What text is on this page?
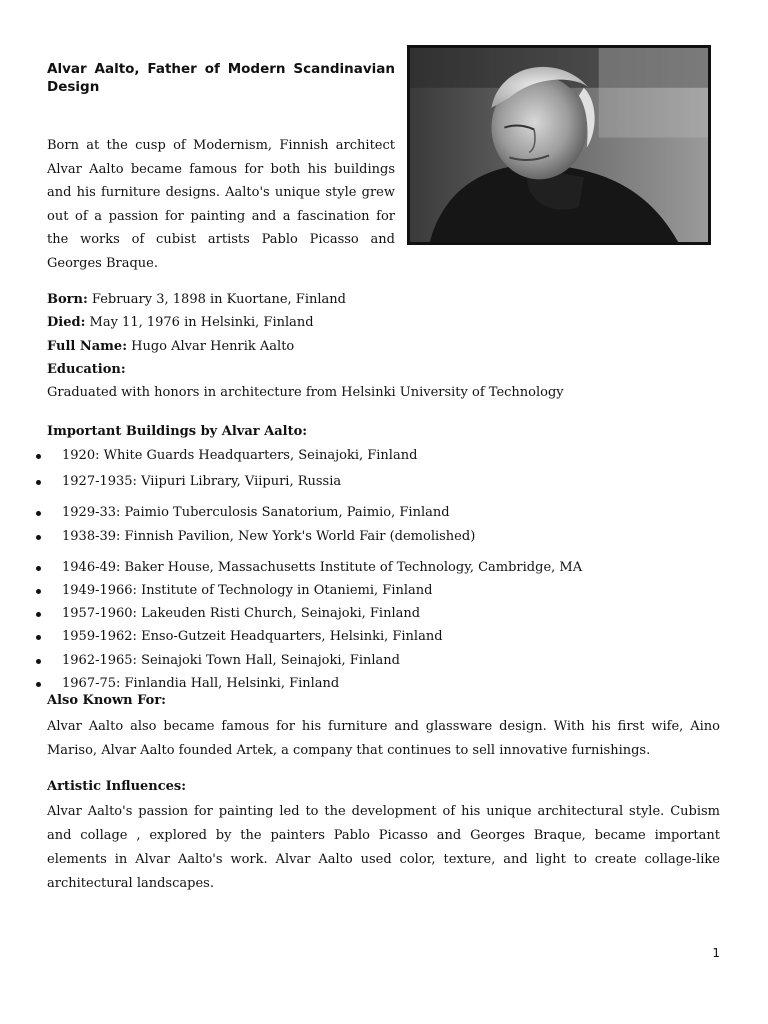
Alvar Aalto, Father of Modern Scandinavian Design

Born at the cusp of Modernism, Finnish architect Alvar Aalto became famous for both his buildings and his furniture designs. Aalto's unique style grew out of a passion for painting and a fascination for the works of cubist artists Pablo Picasso and Georges Braque.

Born: February 3, 1898 in Kuortane, Finland
Died: May 11, 1976 in Helsinki, Finland
Full Name: Hugo Alvar Henrik Aalto
Education:
Graduated with honors in architecture from Helsinki University of Technology
Important Buildings by Alvar Aalto:
1920: White Guards Headquarters, Seinajoki, Finland
1927-1935: Viipuri Library, Viipuri, Russia
1929-33: Paimio Tuberculosis Sanatorium, Paimio, Finland
1938-39: Finnish Pavilion, New York's World Fair (demolished)
1946-49: Baker House, Massachusetts Institute of Technology, Cambridge, MA
1949-1966: Institute of Technology in Otaniemi, Finland
1957-1960: Lakeuden Risti Church, Seinajoki, Finland
1959-1962: Enso-Gutzeit Headquarters, Helsinki, Finland
1962-1965: Seinajoki Town Hall, Seinajoki, Finland
1967-75: Finlandia Hall, Helsinki, Finland
Also Known For:

Alvar Aalto also became famous for his furniture and glassware design. With his first wife, Aino Mariso, Alvar Aalto founded Artek, a company that continues to sell innovative furnishings.

Artistic Influences:

Alvar Aalto's passion for painting led to the development of his unique architectural style. Cubism and collage , explored by the painters Pablo Picasso and Georges Braque, became important elements in Alvar Aalto's work. Alvar Aalto used color, texture, and light to create collage-like architectural landscapes.

1
